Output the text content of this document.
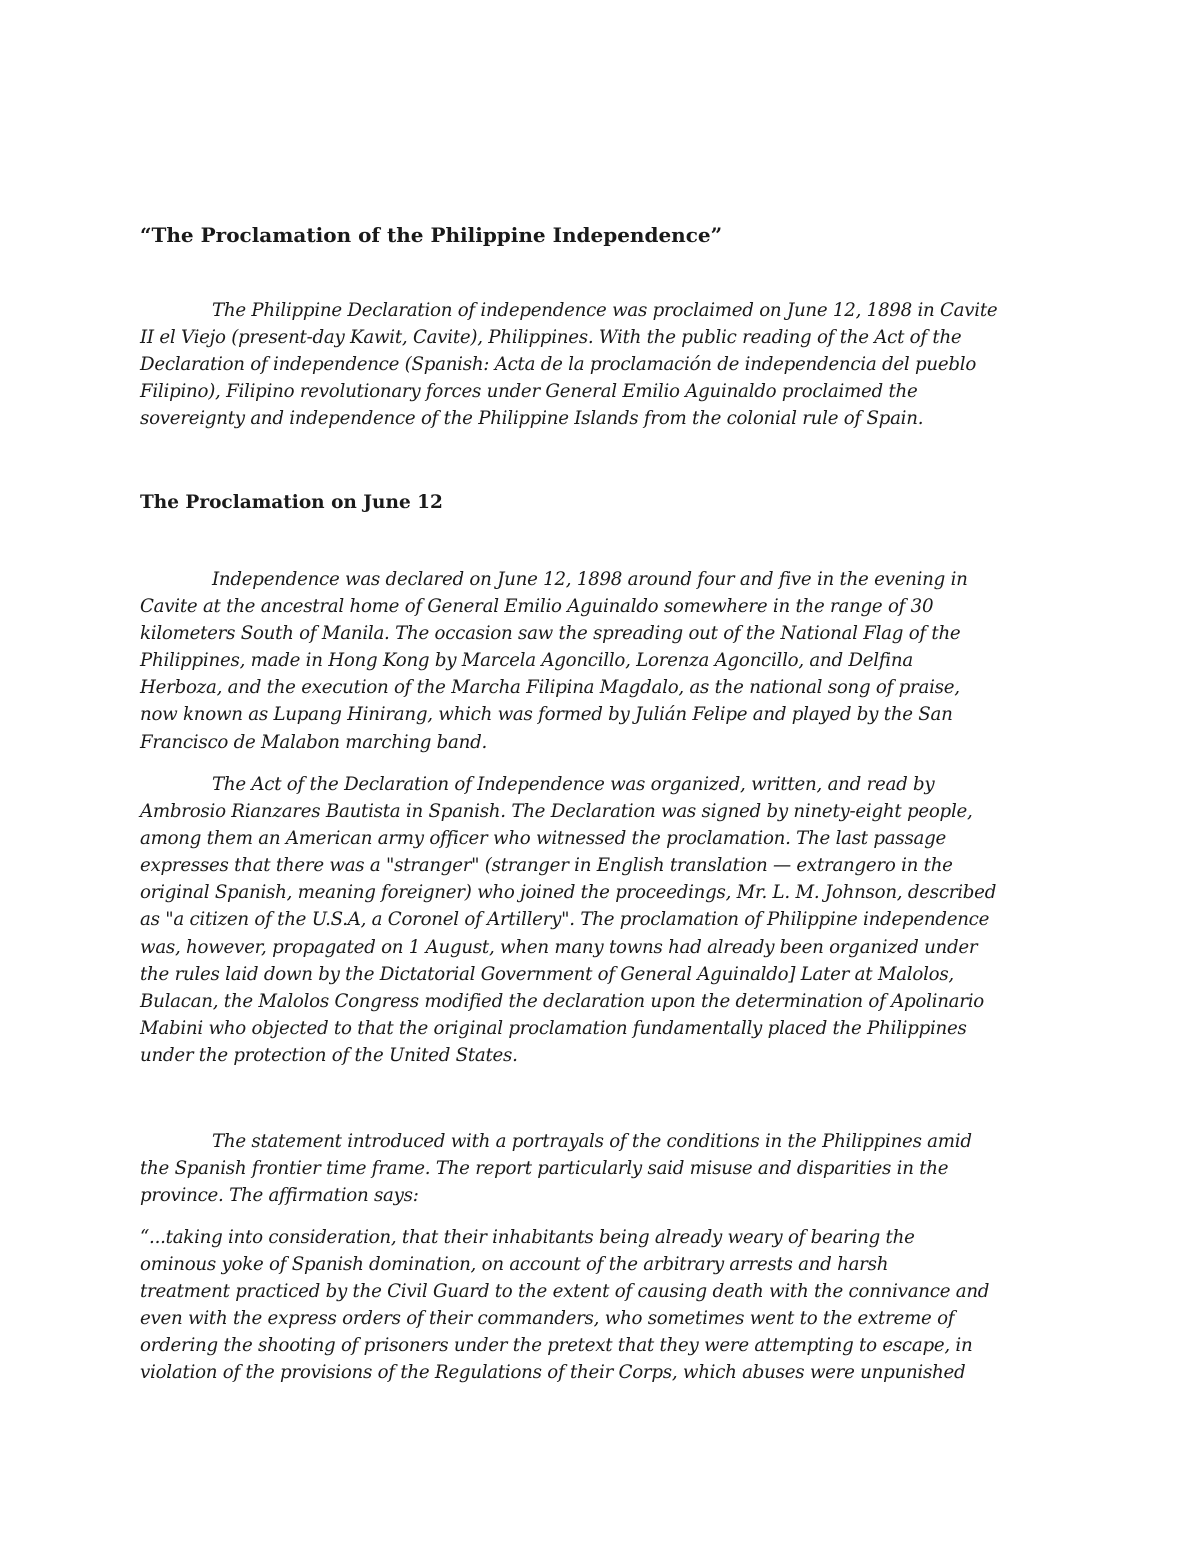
“The Proclamation of the Philippine Independence”
The Philippine Declaration of independence was proclaimed on June 12, 1898 in Cavite
II el Viejo (present-day Kawit, Cavite), Philippines. With the public reading of the Act of the
Declaration of independence (Spanish: Acta de la proclamación de independencia del pueblo
Filipino), Filipino revolutionary forces under General Emilio Aguinaldo proclaimed the
sovereignty and independence of the Philippine Islands from the colonial rule of Spain.
The Proclamation on June 12
Independence was declared on June 12, 1898 around four and five in the evening in
Cavite at the ancestral home of General Emilio Aguinaldo somewhere in the range of 30
kilometers South of Manila. The occasion saw the spreading out of the National Flag of the
Philippines, made in Hong Kong by Marcela Agoncillo, Lorenza Agoncillo, and Delfina
Herboza, and the execution of the Marcha Filipina Magdalo, as the national song of praise,
now known as Lupang Hinirang, which was formed by Julián Felipe and played by the San
Francisco de Malabon marching band.
The Act of the Declaration of Independence was organized, written, and read by
Ambrosio Rianzares Bautista in Spanish. The Declaration was signed by ninety-eight people,
among them an American army officer who witnessed the proclamation. The last passage
expresses that there was a "stranger" (stranger in English translation — extrangero in the
original Spanish, meaning foreigner) who joined the proceedings, Mr. L. M. Johnson, described
as "a citizen of the U.S.A, a Coronel of Artillery". The proclamation of Philippine independence
was, however, propagated on 1 August, when many towns had already been organized under
the rules laid down by the Dictatorial Government of General Aguinaldo] Later at Malolos,
Bulacan, the Malolos Congress modified the declaration upon the determination of Apolinario
Mabini who objected to that the original proclamation fundamentally placed the Philippines
under the protection of the United States.
The statement introduced with a portrayals of the conditions in the Philippines amid
the Spanish frontier time frame. The report particularly said misuse and disparities in the
province. The affirmation says:
“...taking into consideration, that their inhabitants being already weary of bearing the
ominous yoke of Spanish domination, on account of the arbitrary arrests and harsh
treatment practiced by the Civil Guard to the extent of causing death with the connivance and
even with the express orders of their commanders, who sometimes went to the extreme of
ordering the shooting of prisoners under the pretext that they were attempting to escape, in
violation of the provisions of the Regulations of their Corps, which abuses were unpunished
